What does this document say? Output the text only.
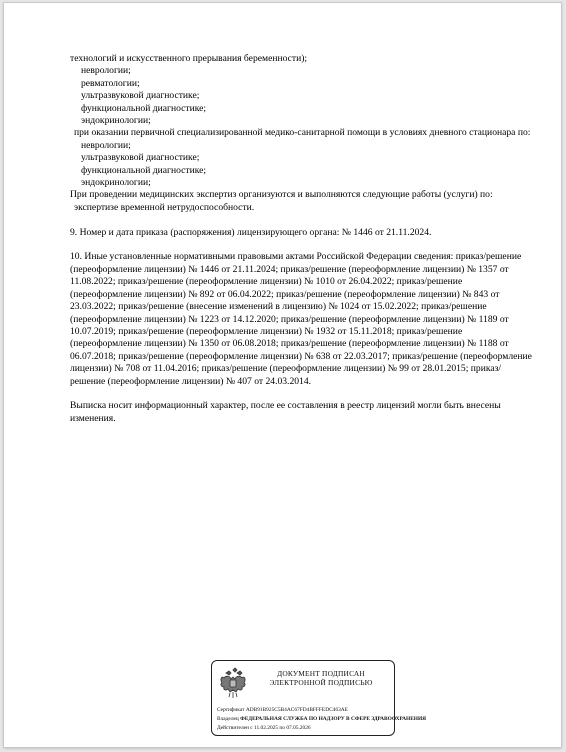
технологий и искусственного прерывания беременности);

неврологии;

ревматологии;

ультразвуковой диагностике;

функциональной диагностике;

эндокринологии;

при оказании первичной специализированной медико-санитарной помощи в условиях дневного стационара по:

неврологии;

ультразвуковой диагностике;

функциональной диагностике;

эндокринологии;

При проведении медицинских экспертиз организуются и выполняются следующие работы (услуги) по:

экспертизе временной нетрудоспособности.

9. Номер и дата приказа (распоряжения) лицензирующего органа: № 1446 от 21.11.2024.

10. Иные установленные нормативными правовыми актами Российской Федерации сведения: приказ/решение (переоформление лицензии) № 1446 от 21.11.2024; приказ/решение (переоформление лицензии) № 1357 от 11.08.2022; приказ/решение (переоформление лицензии) № 1010 от 26.04.2022; приказ/решение (переоформление лицензии) № 892 от 06.04.2022; приказ/решение (переоформление лицензии) № 843 от 23.03.2022; приказ/решение (внесение изменений в лицензию) № 1024 от 15.02.2022; приказ/решение (переоформление лицензии) № 1223 от 14.12.2020; приказ/решение (переоформление лицензии) № 1189 от 10.07.2019; приказ/решение (переоформление лицензии) № 1932 от 15.11.2018; приказ/решение (переоформление лицензии) № 1350 от 06.08.2018; приказ/решение (переоформление лицензии) № 1188 от 06.07.2018; приказ/решение (переоформление лицензии) № 638 от 22.03.2017; приказ/решение (переоформление лицензии) № 708 от 11.04.2016; приказ/решение (переоформление лицензии) № 99 от 28.01.2015; приказ/решение (переоформление лицензии) № 407 от 24.03.2014.

Выписка носит информационный характер, после ее составления в реестр лицензий могли быть внесены изменения.

ДОКУМЕНТ ПОДПИСАН
ЭЛЕКТРОННОЙ ПОДПИСЬЮ
Сертификат ADB91B925C5B4AC67FD4BFFFEDC463AE
Владелец ФЕДЕРАЛЬНАЯ СЛУЖБА ПО НАДЗОРУ В СФЕРЕ ЗДРАВООХРАНЕНИЯ
Действителен с 11.02.2025 по 07.05.2026
